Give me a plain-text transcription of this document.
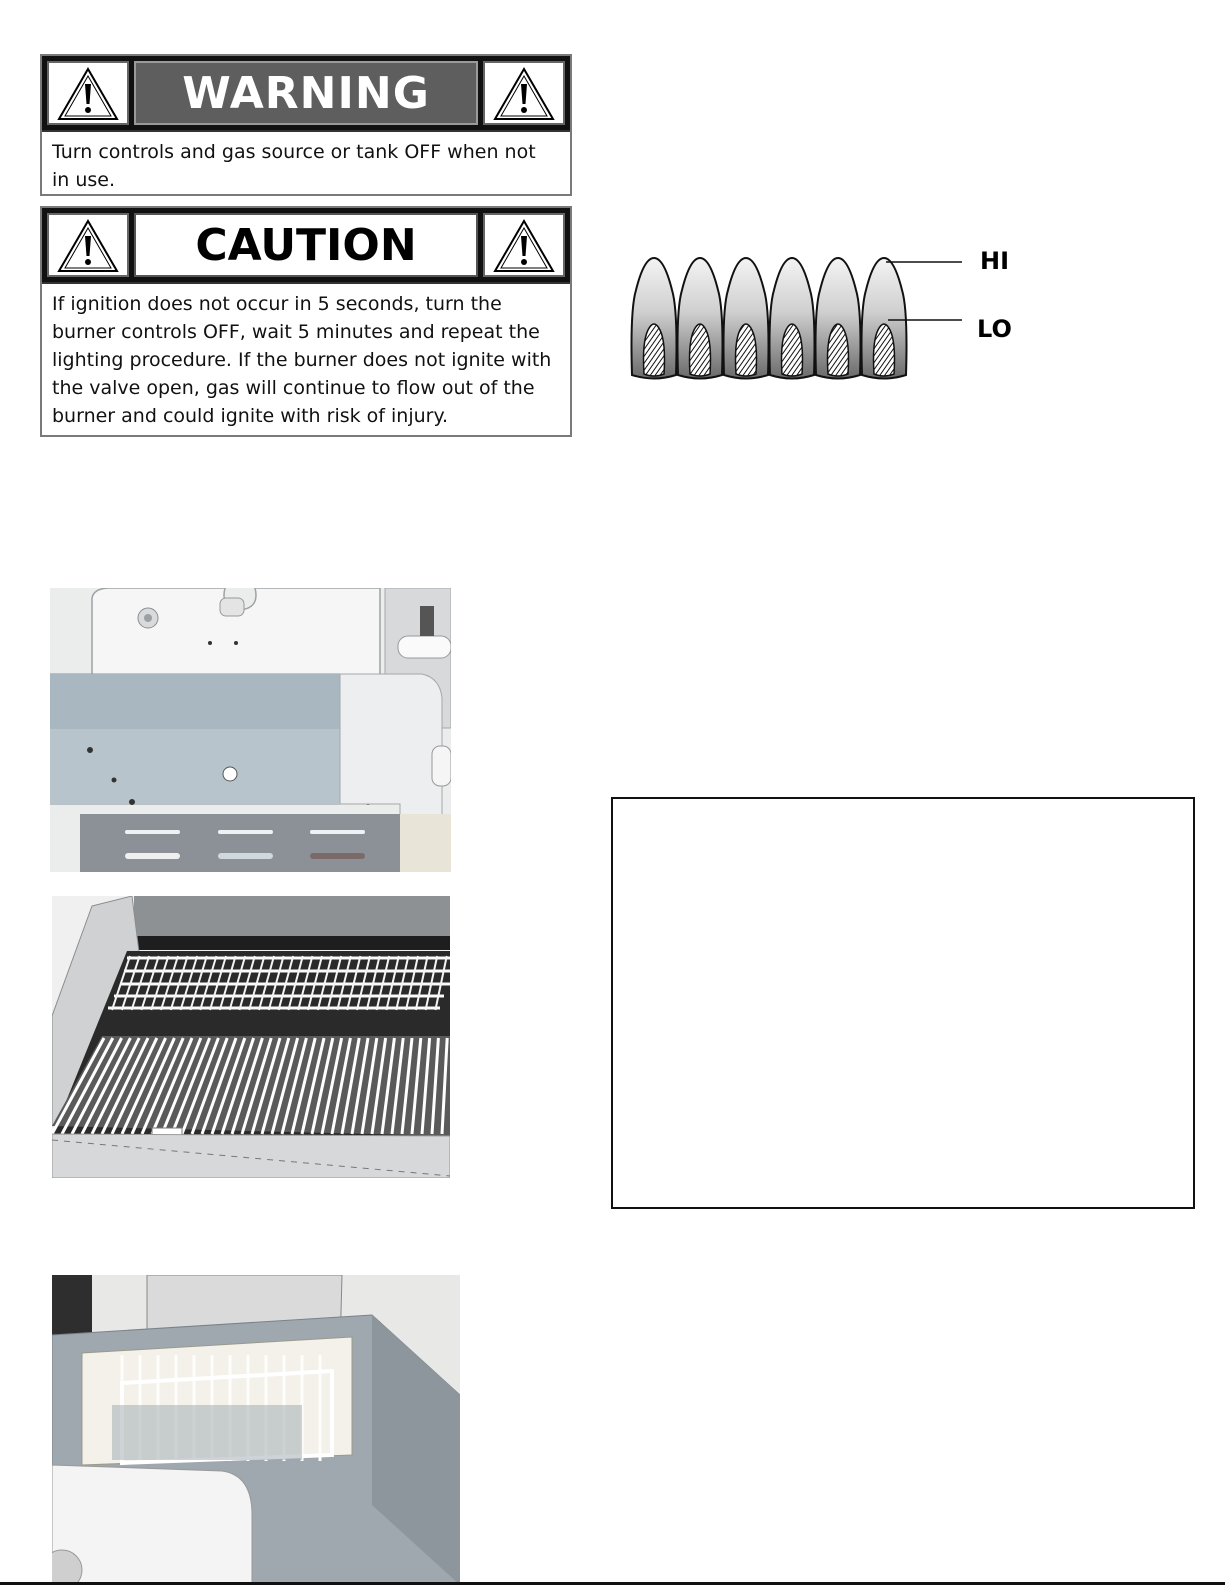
WARNING
Turn controls and gas source or tank OFF when not
in use.
CAUTION
If ignition does not occur in 5 seconds, turn the
burner controls OFF, wait 5 minutes and repeat the
lighting procedure. If the burner does not ignite with
the valve open, gas will continue to flow out of the
burner and could ignite with risk of injury.
HI
LO
